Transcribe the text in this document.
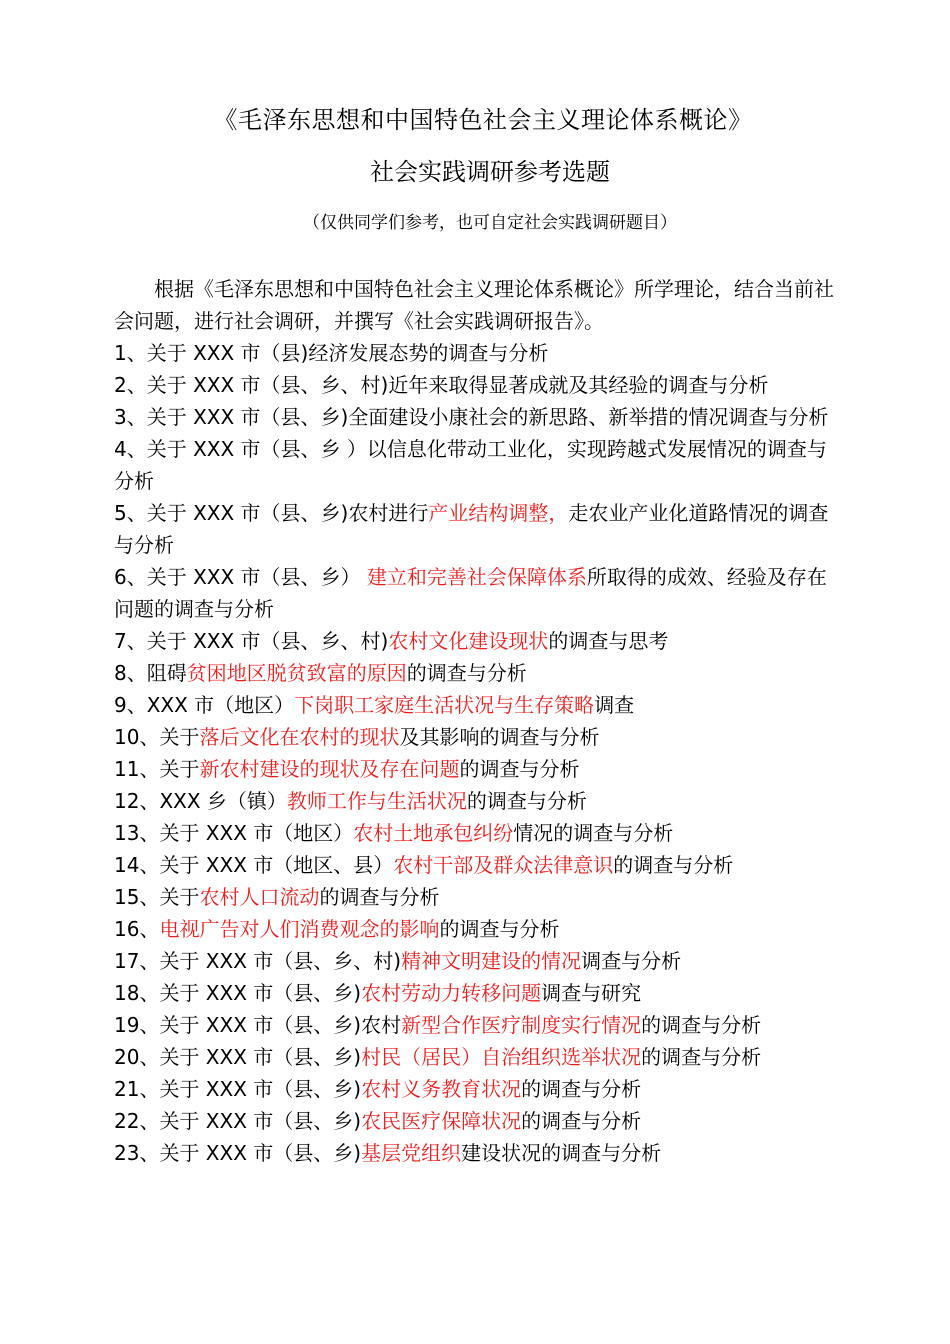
《毛泽东思想和中国特色社会主义理论体系概论》
社会实践调研参考选题
（仅供同学们参考，也可自定社会实践调研题目）

根据《毛泽东思想和中国特色社会主义理论体系概论》所学理论，结合当前社会问题，进行社会调研，并撰写《社会实践调研报告》。

1、关于 XXX 市（县)经济发展态势的调查与分析

2、关于 XXX 市（县、乡、村)近年来取得显著成就及其经验的调查与分析

3、关于 XXX 市（县、乡)全面建设小康社会的新思路、新举措的情况调查与分析

4、关于 XXX 市（县、乡 ）以信息化带动工业化，实现跨越式发展情况的调查与分析

5、关于 XXX 市（县、乡)农村进行产业结构调整，走农业产业化道路情况的调查与分析

6、关于 XXX 市（县、乡） 建立和完善社会保障体系所取得的成效、经验及存在问题的调查与分析

7、关于 XXX 市（县、乡、村)农村文化建设现状的调查与思考

8、阻碍贫困地区脱贫致富的原因的调查与分析

9、XXX 市（地区）下岗职工家庭生活状况与生存策略调查

10、关于落后文化在农村的现状及其影响的调查与分析

11、关于新农村建设的现状及存在问题的调查与分析

12、XXX 乡（镇）教师工作与生活状况的调查与分析

13、关于 XXX 市（地区）农村土地承包纠纷情况的调查与分析

14、关于 XXX 市（地区、县）农村干部及群众法律意识的调查与分析

15、关于农村人口流动的调查与分析

16、电视广告对人们消费观念的影响的调查与分析

17、关于 XXX 市（县、乡、村)精神文明建设的情况调查与分析

18、关于 XXX 市（县、乡)农村劳动力转移问题调查与研究

19、关于 XXX 市（县、乡)农村新型合作医疗制度实行情况的调查与分析

20、关于 XXX 市（县、乡)村民（居民）自治组织选举状况的调查与分析

21、关于 XXX 市（县、乡)农村义务教育状况的调查与分析

22、关于 XXX 市（县、乡)农民医疗保障状况的调查与分析

23、关于 XXX 市（县、乡)基层党组织建设状况的调查与分析
